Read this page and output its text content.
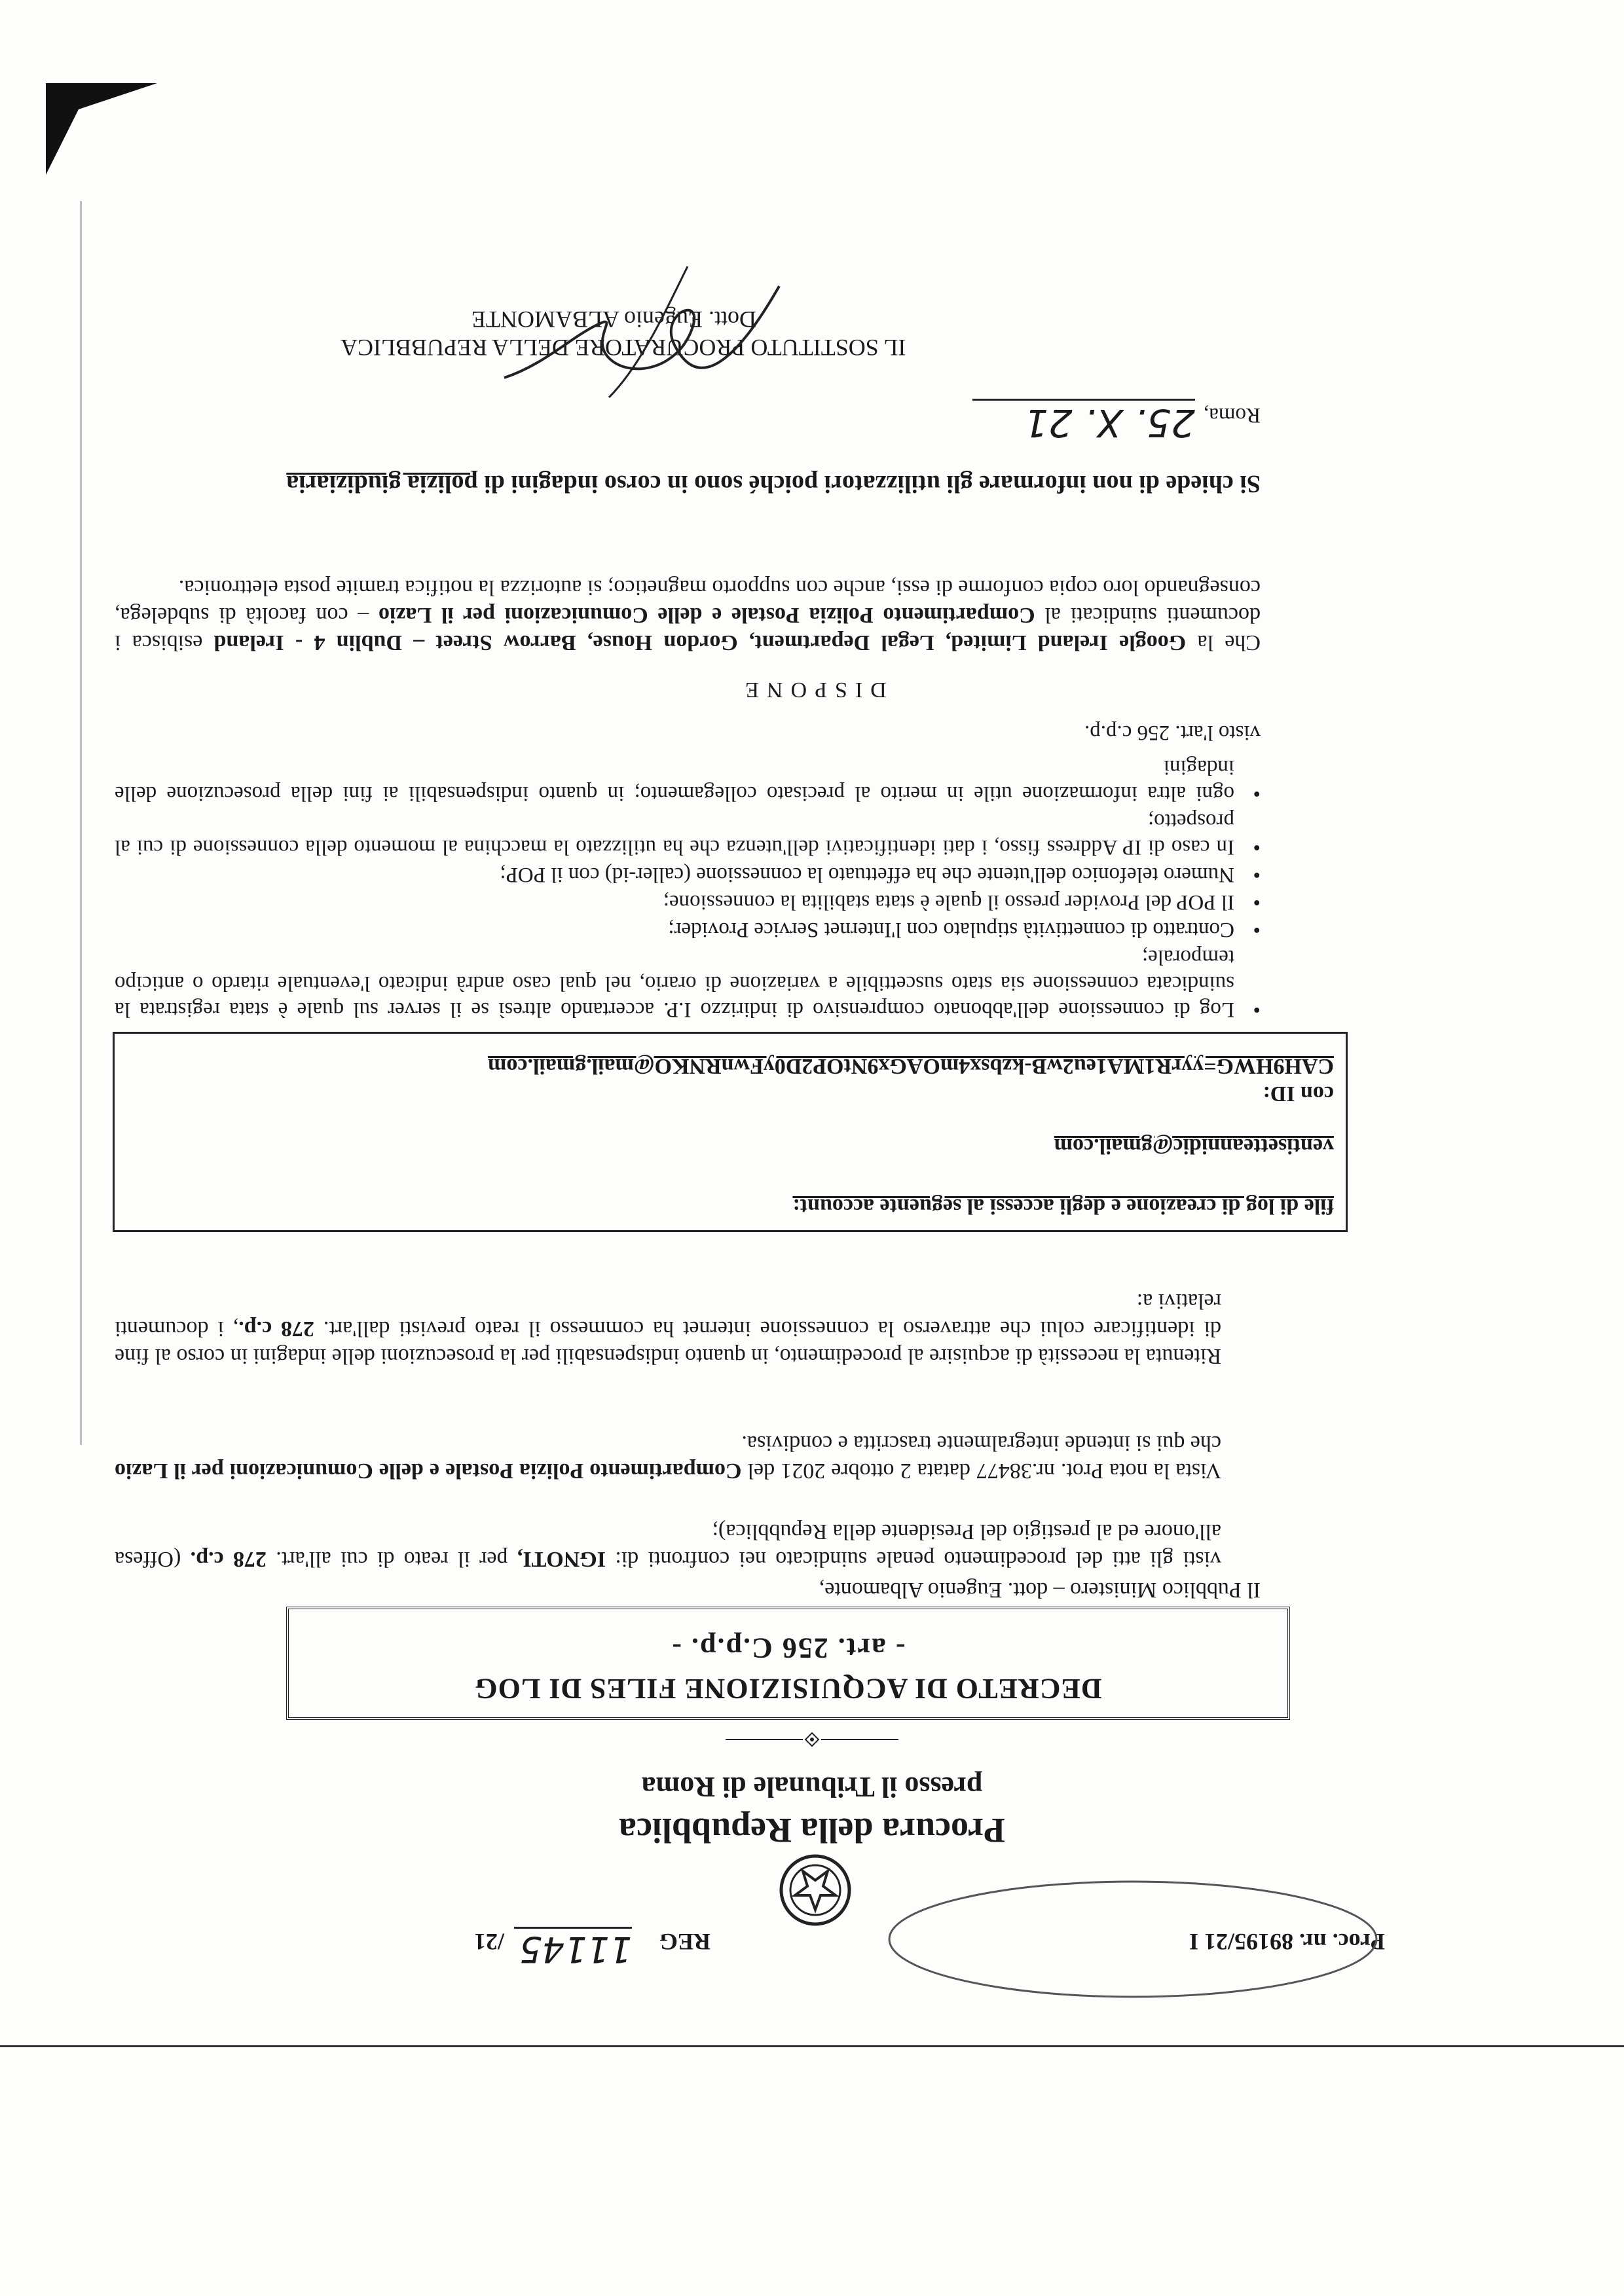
Proc. nr. 89195/21 I
REG
11145
/21
Procura della Repubblica
presso il Tribunale di Roma
DECRETO DI ACQUISIZIONE FILES DI LOG
- art. 256 C.p.p. -
Il Pubblico Ministero – dott. Eugenio Albamonte,
visti gli atti del procedimento penale suindicato nei confronti di: IGNOTI, per il reato di cui all'art. 278 c.p. (Offesa all'onore ed al prestigio del Presidente della Repubblica);
Vista la nota Prot. nr.38477 datata 2 ottobre 2021 del Compartimento Polizia Postale e delle Comunicazioni per il Lazio che qui si intende integralmente trascritta e condivisa.
Ritenuta la necessità di acquisire al procedimento, in quanto indispensabili per la prosecuzioni delle indagini in corso al fine di identificare colui che attraverso la connessione internet ha commesso il reato previsti dall'art. 278 c.p., i documenti relativi a:
file di log di creazione e degli accessi al seguente account:
ventisetteannidic@gmail.com
con ID:
CAH9HWG=yyrR1MA1eu2wB-kzbsx4mOAGx9NtOP2D0yFwnRNKO@mail.gmail.com
• Log di connessione dell'abbonato comprensivo di indirizzo I.P. accertando altresì se il server sul quale è stata registrata la suindicata connessione sia stato suscettibile a variazione di orario, nel qual caso andrà indicato l'eventuale ritardo o anticipo temporale;
• Contratto di connettività stipulato con l'Internet Service Provider;
• Il POP del Provider presso il quale è stata stabilita la connessione;
• Numero telefonico dell'utente che ha effettuato la connessione (caller-id) con il POP;
• In caso di IP Address fisso, i dati identificativi dell'utenza che ha utilizzato la macchina al momento della connessione di cui al prospetto;
• ogni altra informazione utile in merito al precisato collegamento; in quanto indispensabili ai fini della prosecuzione delle indagini
visto l'art. 256 c.p.p.
DISPONE
Che la Google Ireland Limited, Legal Department, Gordon House, Barrow Street – Dublin 4 - Ireland esibisca i documenti suindicati al Compartimento Polizia Postale e delle Comunicazioni per il Lazio – con facoltà di subdelega, consegnando loro copia conforme di essi, anche con supporto magnetico; si autorizza la notifica tramite posta elettronica.
Si chiede di non informare gli utilizzatori poiché sono in corso indagini di polizia giudiziaria
Roma,
25. X. 21
IL SOSTITUTO PROCURATORE DELLA REPUBBLICA
Dott. Eugenio ALBAMONTE
